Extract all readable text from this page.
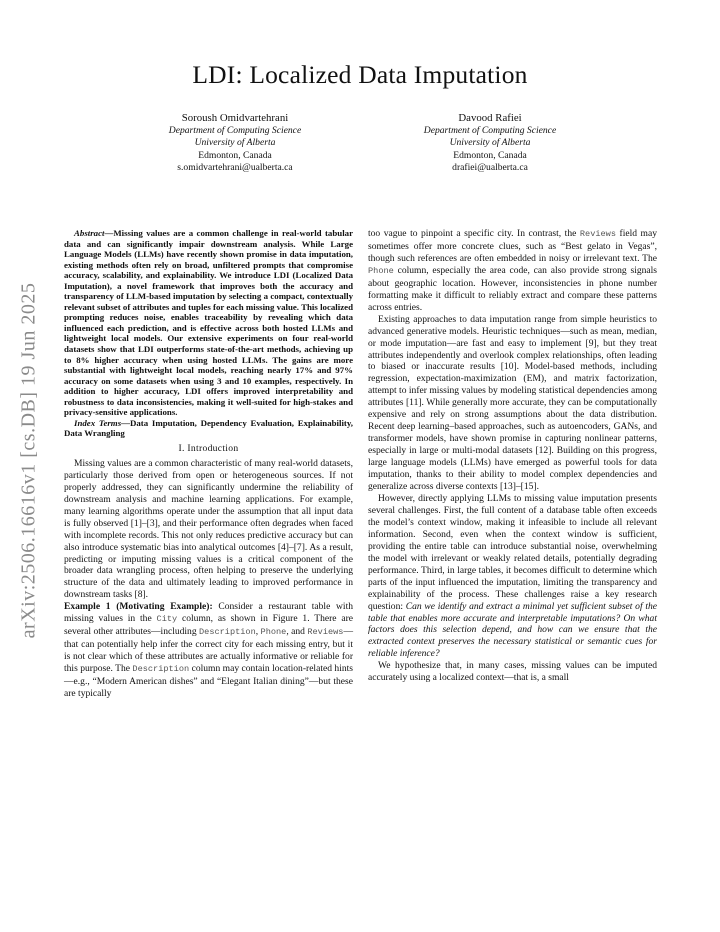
arXiv:2506.16616v1 [cs.DB] 19 Jun 2025
LDI: Localized Data Imputation
Soroush Omidvartehrani
Department of Computing Science
University of Alberta
Edmonton, Canada
s.omidvartehrani@ualberta.ca
Davood Rafiei
Department of Computing Science
University of Alberta
Edmonton, Canada
drafiei@ualberta.ca

Abstract—Missing values are a common challenge in real-world tabular data and can significantly impair downstream analysis. While Large Language Models (LLMs) have recently shown promise in data imputation, existing methods often rely on broad, unfiltered prompts that compromise accuracy, scalability, and explainability. We introduce LDI (Localized Data Imputation), a novel framework that improves both the accuracy and transparency of LLM-based imputation by selecting a compact, contextually relevant subset of attributes and tuples for each missing value. This localized prompting reduces noise, enables traceability by revealing which data influenced each prediction, and is effective across both hosted LLMs and lightweight local models. Our extensive experiments on four real-world datasets show that LDI outperforms state-of-the-art methods, achieving up to 8% higher accuracy when using hosted LLMs. The gains are more substantial with lightweight local models, reaching nearly 17% and 97% accuracy on some datasets when using 3 and 10 examples, respectively. In addition to higher accuracy, LDI offers improved interpretability and robustness to data inconsistencies, making it well-suited for high-stakes and privacy-sensitive applications.

Index Terms—Data Imputation, Dependency Evaluation, Explainability, Data Wrangling

I. Introduction

Missing values are a common characteristic of many real-world datasets, particularly those derived from open or heterogeneous sources. If not properly addressed, they can significantly undermine the reliability of downstream analysis and machine learning applications. For example, many learning algorithms operate under the assumption that all input data is fully observed [1]–[3], and their performance often degrades when faced with incomplete records. This not only reduces predictive accuracy but can also introduce systematic bias into analytical outcomes [4]–[7]. As a result, predicting or imputing missing values is a critical component of the broader data wrangling process, often helping to preserve the underlying structure of the data and ultimately leading to improved performance in downstream tasks [8].

Example 1 (Motivating Example): Consider a restaurant table with missing values in the City column, as shown in Figure 1. There are several other attributes—including Description, Phone, and Reviews—that can potentially help infer the correct city for each missing entry, but it is not clear which of these attributes are actually informative or reliable for this purpose. The Description column may contain location-related hints—e.g., “Modern American dishes” and “Elegant Italian dining”—but these are typically

too vague to pinpoint a specific city. In contrast, the Reviews field may sometimes offer more concrete clues, such as “Best gelato in Vegas”, though such references are often embedded in noisy or irrelevant text. The Phone column, especially the area code, can also provide strong signals about geographic location. However, inconsistencies in phone number formatting make it difficult to reliably extract and compare these patterns across entries.

Existing approaches to data imputation range from simple heuristics to advanced generative models. Heuristic techniques—such as mean, median, or mode imputation—are fast and easy to implement [9], but they treat attributes independently and overlook complex relationships, often leading to biased or inaccurate results [10]. Model-based methods, including regression, expectation-maximization (EM), and matrix factorization, attempt to infer missing values by modeling statistical dependencies among attributes [11]. While generally more accurate, they can be computationally expensive and rely on strong assumptions about the data distribution. Recent deep learning–based approaches, such as autoencoders, GANs, and transformer models, have shown promise in capturing nonlinear patterns, especially in large or multi-modal datasets [12]. Building on this progress, large language models (LLMs) have emerged as powerful tools for data imputation, thanks to their ability to model complex dependencies and generalize across diverse contexts [13]–[15].

However, directly applying LLMs to missing value imputation presents several challenges. First, the full content of a database table often exceeds the model’s context window, making it infeasible to include all relevant information. Second, even when the context window is sufficient, providing the entire table can introduce substantial noise, overwhelming the model with irrelevant or weakly related details, potentially degrading performance. Third, in large tables, it becomes difficult to determine which parts of the input influenced the imputation, limiting the transparency and explainability of the process. These challenges raise a key research question: Can we identify and extract a minimal yet sufficient subset of the table that enables more accurate and interpretable imputations? On what factors does this selection depend, and how can we ensure that the extracted context preserves the necessary statistical or semantic cues for reliable inference?

We hypothesize that, in many cases, missing values can be imputed accurately using a localized context—that is, a small
